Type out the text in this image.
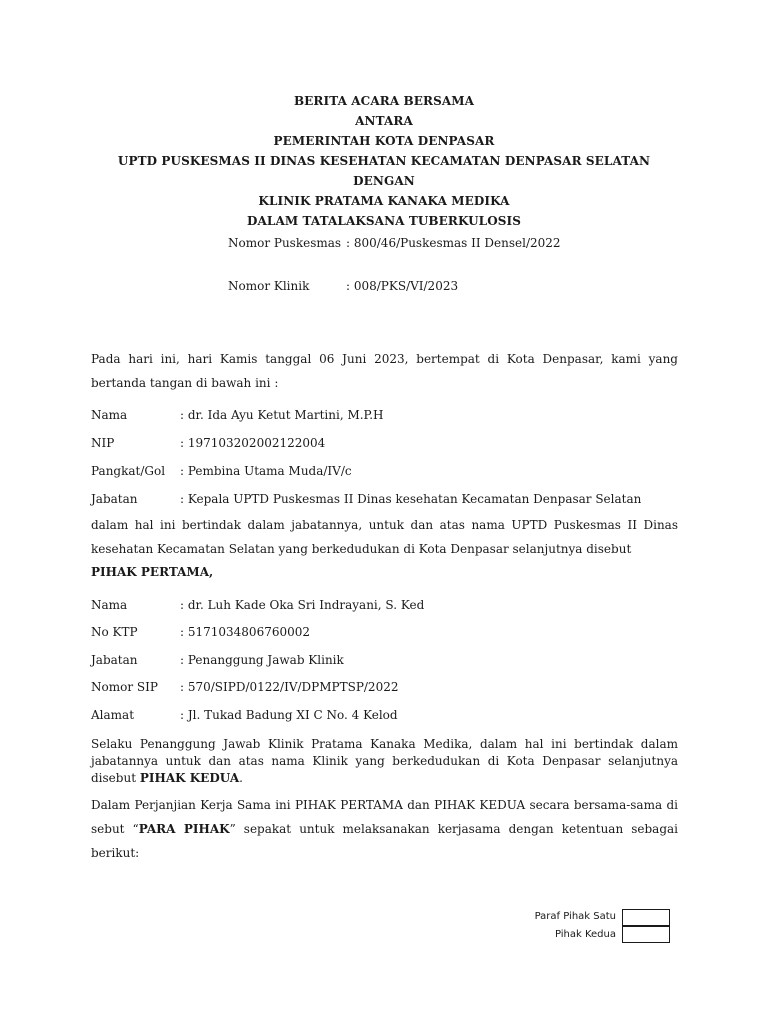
BERITA ACARA BERSAMA
ANTARA
PEMERINTAH KOTA DENPASAR
UPTD PUSKESMAS II DINAS KESEHATAN KECAMATAN DENPASAR SELATAN
DENGAN
KLINIK PRATAMA KANAKA MEDIKA
DALAM TATALAKSANA TUBERKULOSIS
Nomor Puskesmas : 800/46/Puskesmas II Densel/2022
Nomor Klinik	: 008/PKS/VI/2023

Pada hari ini, hari Kamis tanggal 06 Juni 2023, bertempat di Kota Denpasar, kami yang bertanda tangan di bawah ini :

Nama	: dr. Ida Ayu Ketut Martini, M.P.H
NIP	: 197103202002122004
Pangkat/Gol : Pembina Utama Muda/IV/c
Jabatan	: Kepala UPTD Puskesmas II Dinas kesehatan Kecamatan Denpasar Selatan

dalam hal ini bertindak dalam jabatannya, untuk dan atas nama UPTD Puskesmas II Dinas kesehatan Kecamatan Selatan yang berkedudukan di Kota Denpasar selanjutnya disebut

PIHAK PERTAMA,
Nama	: dr. Luh Kade Oka Sri Indrayani, S. Ked
No KTP	: 5171034806760002
Jabatan	: Penanggung Jawab Klinik
Nomor SIP : 570/SIPD/0122/IV/DPMPTSP/2022
Alamat	: Jl. Tukad Badung XI C No. 4 Kelod

Selaku Penanggung Jawab Klinik Pratama Kanaka Medika, dalam hal ini bertindak dalam jabatannya untuk dan atas nama Klinik yang berkedudukan di Kota Denpasar selanjutnya disebut PIHAK KEDUA.

Dalam Perjanjian Kerja Sama ini PIHAK PERTAMA dan PIHAK KEDUA secara bersama-sama di sebut “PARA PIHAK” sepakat untuk melaksanakan kerjasama dengan ketentuan sebagai berikut:

Paraf Pihak Satu
Pihak Kedua
